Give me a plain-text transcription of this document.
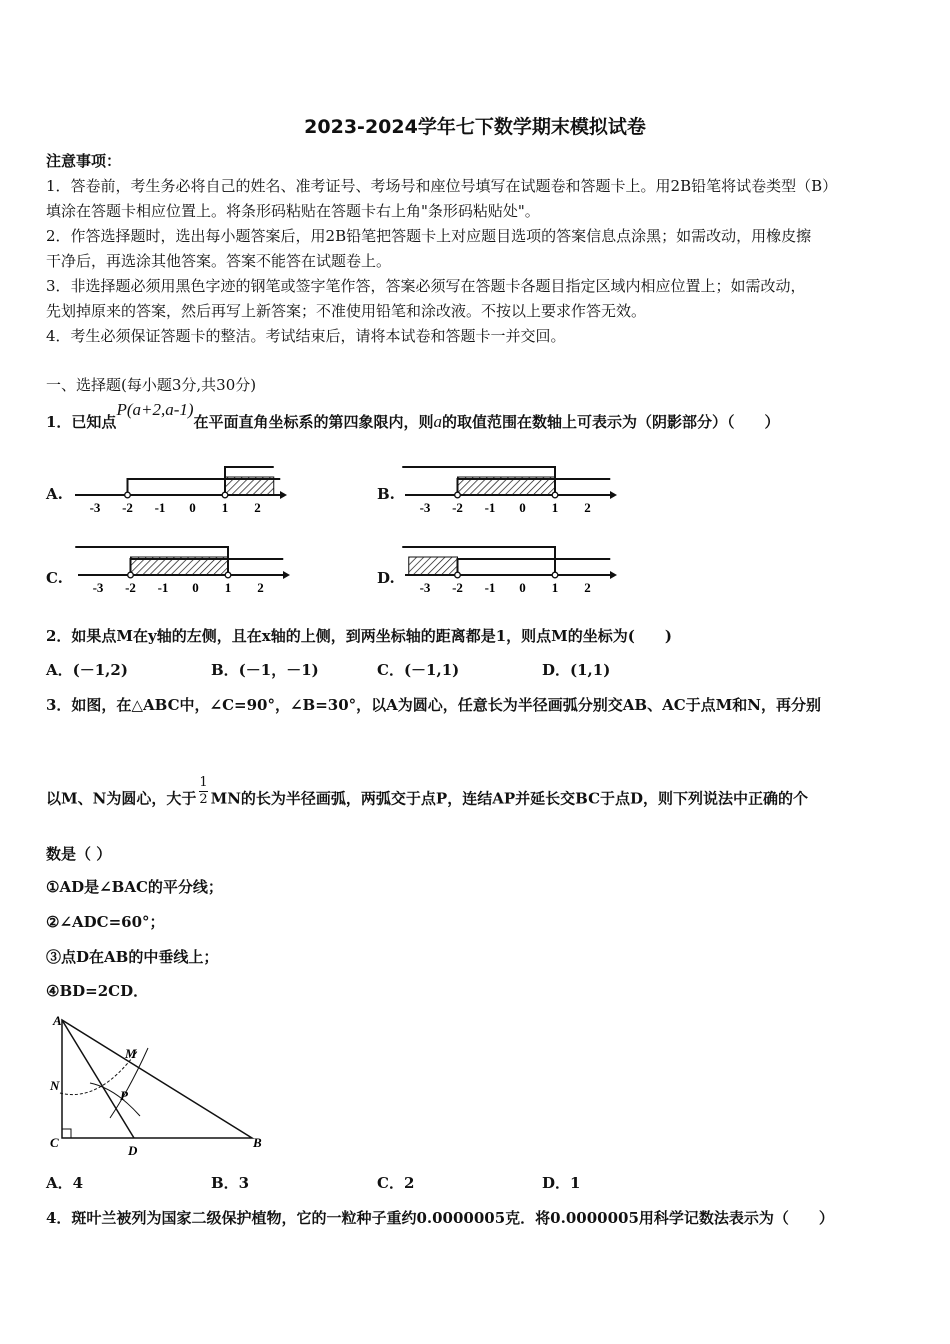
2023-2024学年七下数学期末模拟试卷
注意事项：
1．答卷前，考生务必将自己的姓名、准考证号、考场号和座位号填写在试题卷和答题卡上。用2B铅笔将试卷类型（B）
填涂在答题卡相应位置上。将条形码粘贴在答题卡右上角"条形码粘贴处"。
2．作答选择题时，选出每小题答案后，用2B铅笔把答题卡上对应题目选项的答案信息点涂黑；如需改动，用橡皮擦
干净后，再选涂其他答案。答案不能答在试题卷上。
3．非选择题必须用黑色字迹的钢笔或签字笔作答，答案必须写在答题卡各题目指定区域内相应位置上；如需改动，
先划掉原来的答案，然后再写上新答案；不准使用铅笔和涂改液。不按以上要求作答无效。
4．考生必须保证答题卡的整洁。考试结束后，请将本试卷和答题卡一并交回。
一、选择题(每小题3分,共30分)
1．已知点P(a+2,a-1)在平面直角坐标系的第四象限内，则a的取值范围在数轴上可表示为（阴影部分）（　　）
A.	B.
C.	D.
-3 -2 -1 0 1 2	-3 -2 -1 0 1 2
-3 -2 -1 0 1 2	-3 -2 -1 0 1 2
2．如果点M在y轴的左侧，且在x轴的上侧，到两坐标轴的距离都是1，则点M的坐标为(　　)
A．(－1,2)	B．(－1，－1)	C．(－1,1)	D．(1,1)
3．如图，在△ABC中，∠C=90°，∠B=30°，以A为圆心，任意长为半径画弧分别交AB、AC于点M和N，再分别
以M、N为圆心，大于 $\frac{1}{2}$ MN的长为半径画弧，两弧交于点P，连结AP并延长交BC于点D，则下列说法中正确的个
数是（ ）
①AD是∠BAC的平分线；
②∠ADC=60°；
③点D在AB的中垂线上；
④BD=2CD．
A
M
N
P
C
D
B
A．4	B．3	C．2	D．1
4．斑叶兰被列为国家二级保护植物，它的一粒种子重约0.0000005克．将0.0000005用科学记数法表示为（　　）
